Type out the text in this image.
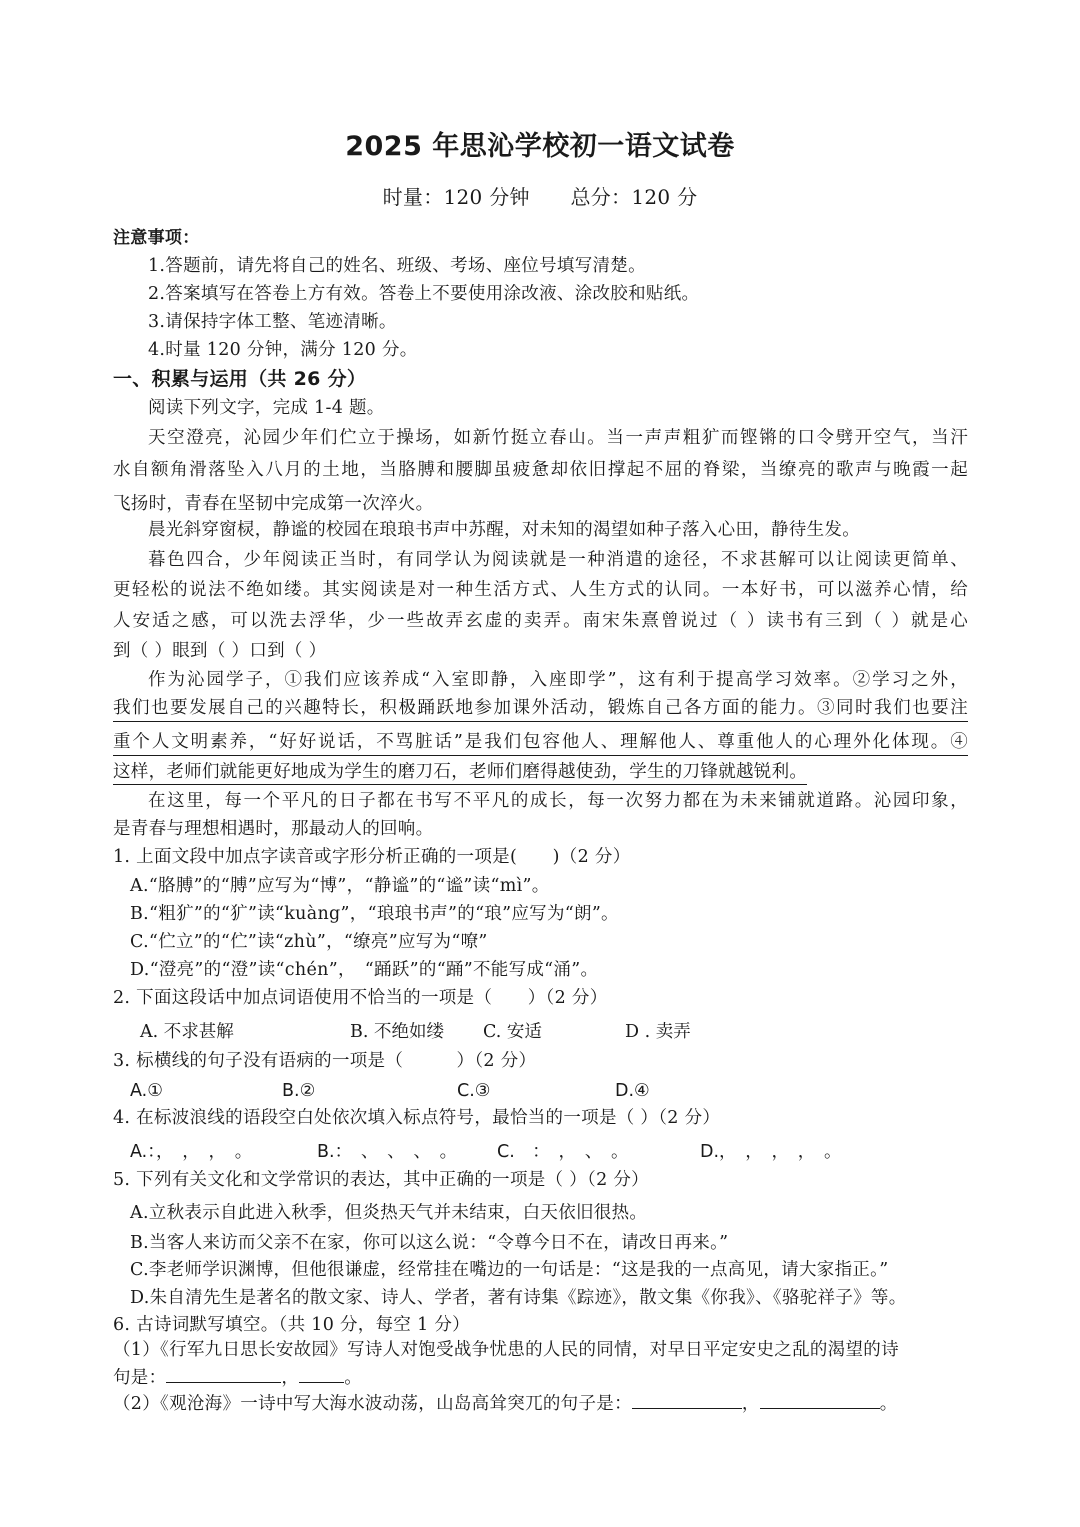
2025 年思沁学校初一语文试卷
时量：120 分钟　　总分：120 分
注意事项：
1.答题前，请先将自己的姓名、班级、考场、座位号填写清楚。
2.答案填写在答卷上方有效。答卷上不要使用涂改液、涂改胶和贴纸。
3.请保持字体工整、笔迹清晰。
4.时量 120 分钟，满分 120 分。
一、积累与运用（共 26 分）
阅读下列文字，完成 1-4 题。
天空澄亮，沁园少年们伫立于操场，如新竹挺立春山。当一声声粗犷而铿锵的口令劈开空气，当汗
水自额角滑落坠入八月的土地，当胳膊和腰脚虽疲惫却依旧撑起不屈的脊梁，当缭亮的歌声与晚霞一起
飞扬时，青春在坚韧中完成第一次淬火。
晨光斜穿窗棂，静谧的校园在琅琅书声中苏醒，对未知的渴望如种子落入心田，静待生发。
暮色四合，少年阅读正当时，有同学认为阅读就是一种消遣的途径，不求甚解可以让阅读更简单、
更轻松的说法不绝如缕。其实阅读是对一种生活方式、人生方式的认同。一本好书，可以滋养心情，给
人安适之感，可以洗去浮华，少一些故弄玄虚的卖弄。南宋朱熹曾说过（ ）读书有三到（ ）就是心
到（ ）眼到（ ）口到（ ）
作为沁园学子，①我们应该养成“入室即静，入座即学”，这有利于提高学习效率。②学习之外，
我们也要发展自己的兴趣特长，积极踊跃地参加课外活动，锻炼自己各方面的能力。③同时我们也要注
重个人文明素养，“好好说话，不骂脏话”是我们包容他人、理解他人、尊重他人的心理外化体现。④
这样，老师们就能更好地成为学生的磨刀石，老师们磨得越使劲，学生的刀锋就越锐利。
在这里，每一个平凡的日子都在书写不平凡的成长，每一次努力都在为未来铺就道路。沁园印象，
是青春与理想相遇时，那最动人的回响。
1. 上面文段中加点字读音或字形分析正确的一项是(　　)（2 分）
A.“胳膊”的“膊”应写为“博”，“静谧”的“谧”读“mì”。
B.“粗犷”的“犷”读“kuàng”，“琅琅书声”的“琅”应写为“朗”。
C.“伫立”的“伫”读“zhù”，“缭亮”应写为“嘹”
D.“澄亮”的“澄”读“chén”，　“踊跃”的“踊”不能写成“涌”。
2. 下面这段话中加点词语使用不恰当的一项是（　　）（2 分）
A. 不求甚解	B. 不绝如缕 C. 安适	D . 卖弄
3. 标横线的句子没有语病的一项是（　　　）（2 分）
A.①	B.②	C.③	D.④
4. 在标波浪线的语段空白处依次填入标点符号，最恰当的一项是（ ）（2 分）
A.：，　，　，　。	B.：　、　、　、　。 C.　：　，　、　。	D.，　，　，　，　。
5. 下列有关文化和文学常识的表达，其中正确的一项是（ ）（2 分）
A.立秋表示自此进入秋季，但炎热天气并未结束，白天依旧很热。
B.当客人来访而父亲不在家，你可以这么说：“令尊今日不在，请改日再来。”
C.李老师学识渊博，但他很谦虚，经常挂在嘴边的一句话是：“这是我的一点高见，请大家指正。”
D.朱自清先生是著名的散文家、诗人、学者，著有诗集《踪迹》，散文集《你我》、《骆驼祥子》等。
6. 古诗词默写填空。（共 10 分，每空 1 分）
（1）《行军九日思长安故园》写诗人对饱受战争忧患的人民的同情，对早日平定安史之乱的渴望的诗
句是：	，	。
（2）《观沧海》一诗中写大海水波动荡，山岛高耸突兀的句子是：	，	。
